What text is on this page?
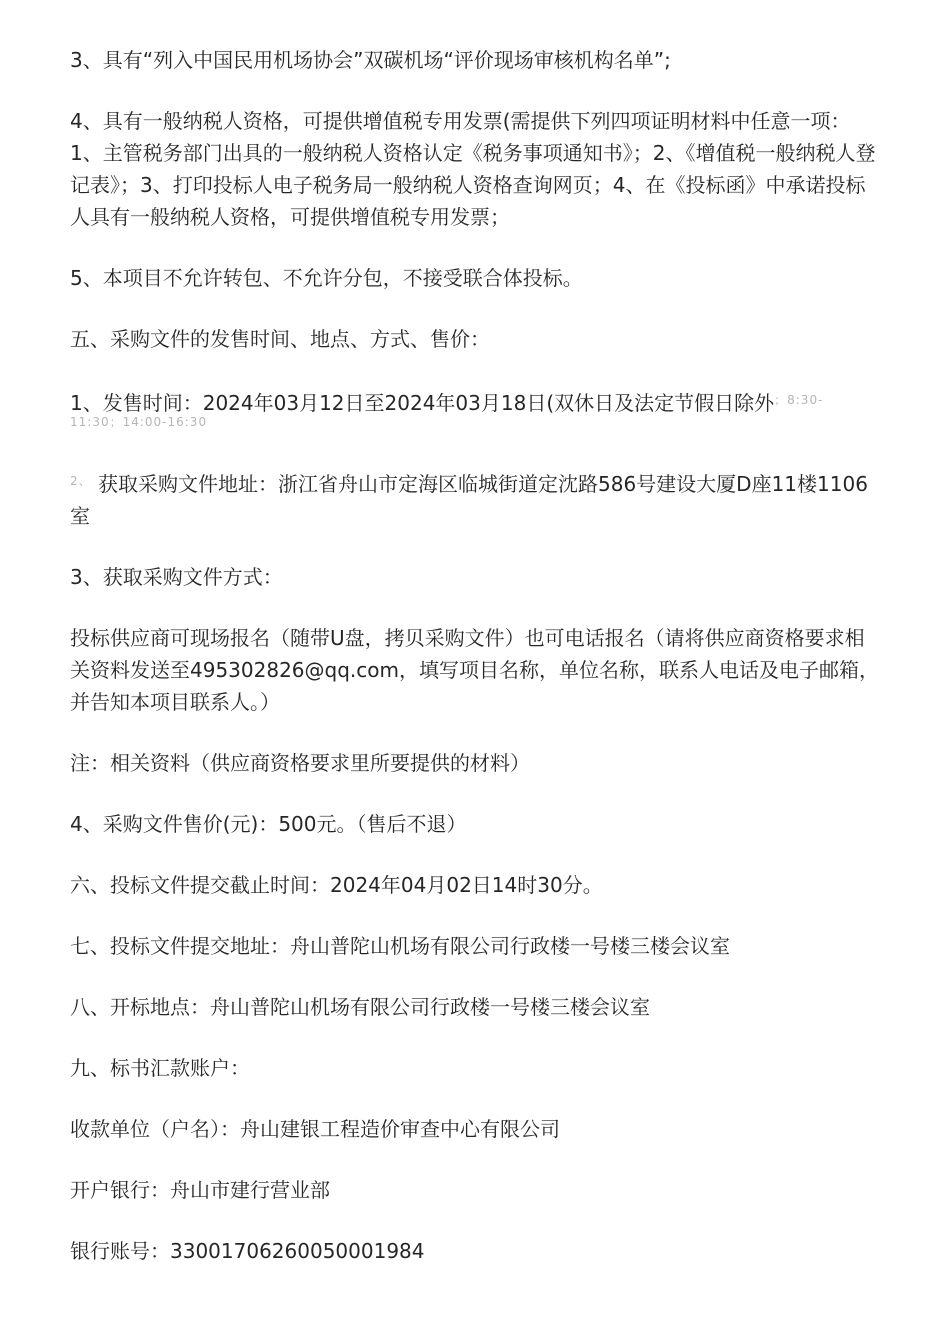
3、具有“列入中国民用机场协会”双碳机场“评价现场审核机构名单”;

4、具有一般纳税人资格，可提供增值税专用发票(需提供下列四项证明材料中任意一项：1、主管税务部门出具的一般纳税人资格认定《税务事项通知书》；2、《增值税一般纳税人登记表》；3、打印投标人电子税务局一般纳税人资格查询网页；4、在《投标函》中承诺投标人具有一般纳税人资格，可提供增值税专用发票；

5、本项目不允许转包、不允许分包，不接受联合体投标。

五、采购文件的发售时间、地点、方式、售价：

1、发售时间：2024年03月12日至2024年03月18日(双休日及法定节假日除外$^{;8:30-}$
11:30；14:00-16:30

$^{2、}$ 获取采购文件地址：浙江省舟山市定海区临城街道定沈路586号建设大厦D座11楼1106室

3、获取采购文件方式：

投标供应商可现场报名（随带U盘，拷贝采购文件）也可电话报名（请将供应商资格要求相关资料发送至495302826@qq.com，填写项目名称，单位名称，联系人电话及电子邮箱，并告知本项目联系人。）

注：相关资料（供应商资格要求里所要提供的材料）

4、采购文件售价(元)：500元。（售后不退）

六、投标文件提交截止时间：2024年04月02日14时30分。

七、投标文件提交地址：舟山普陀山机场有限公司行政楼一号楼三楼会议室

八、开标地点：舟山普陀山机场有限公司行政楼一号楼三楼会议室

九、标书汇款账户：

收款单位（户名）：舟山建银工程造价审查中心有限公司

开户银行：舟山市建行营业部

银行账号：33001706260050001984
